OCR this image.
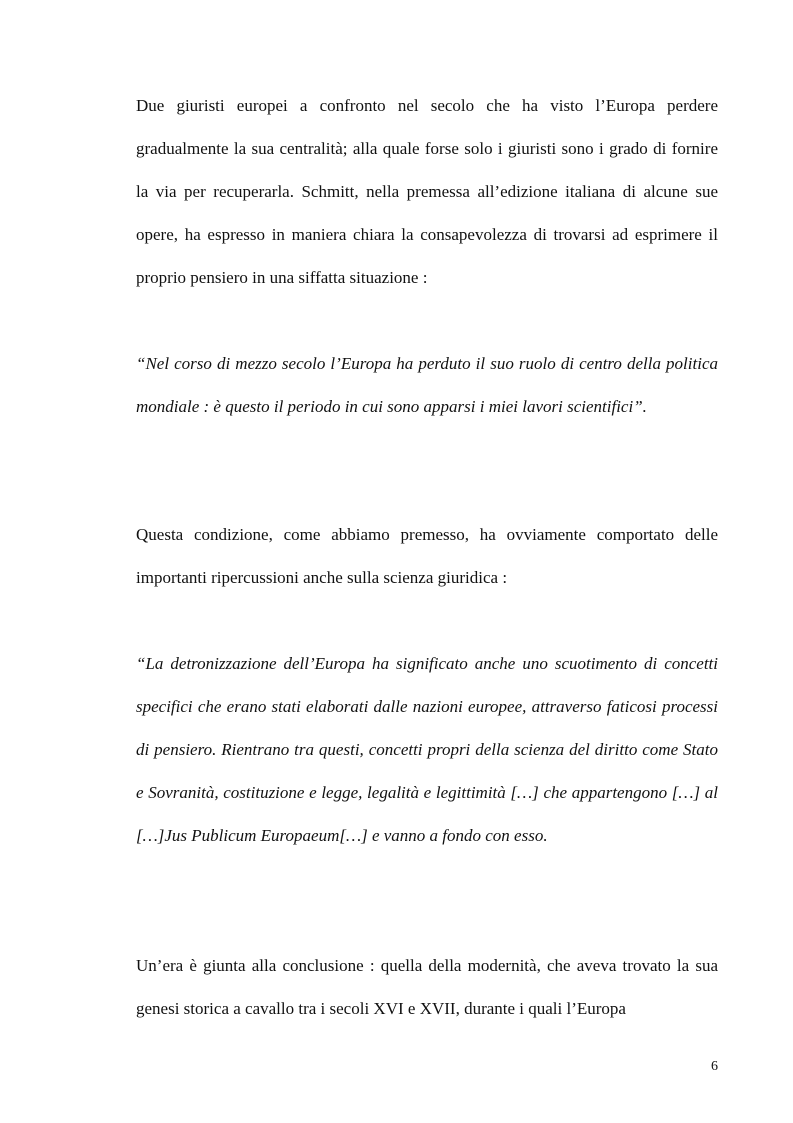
Due giuristi europei a confronto nel secolo che ha visto l’Europa perdere gradualmente la sua centralità; alla quale forse solo i giuristi sono i grado di fornire la via per recuperarla. Schmitt, nella premessa all’edizione italiana di alcune sue opere, ha espresso in maniera chiara la consapevolezza di trovarsi ad esprimere il proprio pensiero in una siffatta situazione :

“Nel corso di mezzo secolo l’Europa ha perduto il suo ruolo di centro della politica mondiale : è questo il periodo in cui sono apparsi i miei lavori scientifici”.

Questa condizione, come abbiamo premesso, ha ovviamente comportato delle importanti ripercussioni anche sulla scienza giuridica :

“La detronizzazione dell’Europa ha significato anche uno scuotimento di concetti specifici che erano stati elaborati dalle nazioni europee, attraverso faticosi processi di pensiero. Rientrano tra questi, concetti propri della scienza del diritto come Stato e Sovranità, costituzione e legge, legalità e legittimità […] che appartengono […] al […]Jus Publicum Europaeum[…] e vanno a fondo con esso.

Un’era è giunta alla conclusione : quella della modernità, che aveva trovato la sua genesi storica a cavallo tra i secoli XVI e XVII, durante i quali l’Europa

6
